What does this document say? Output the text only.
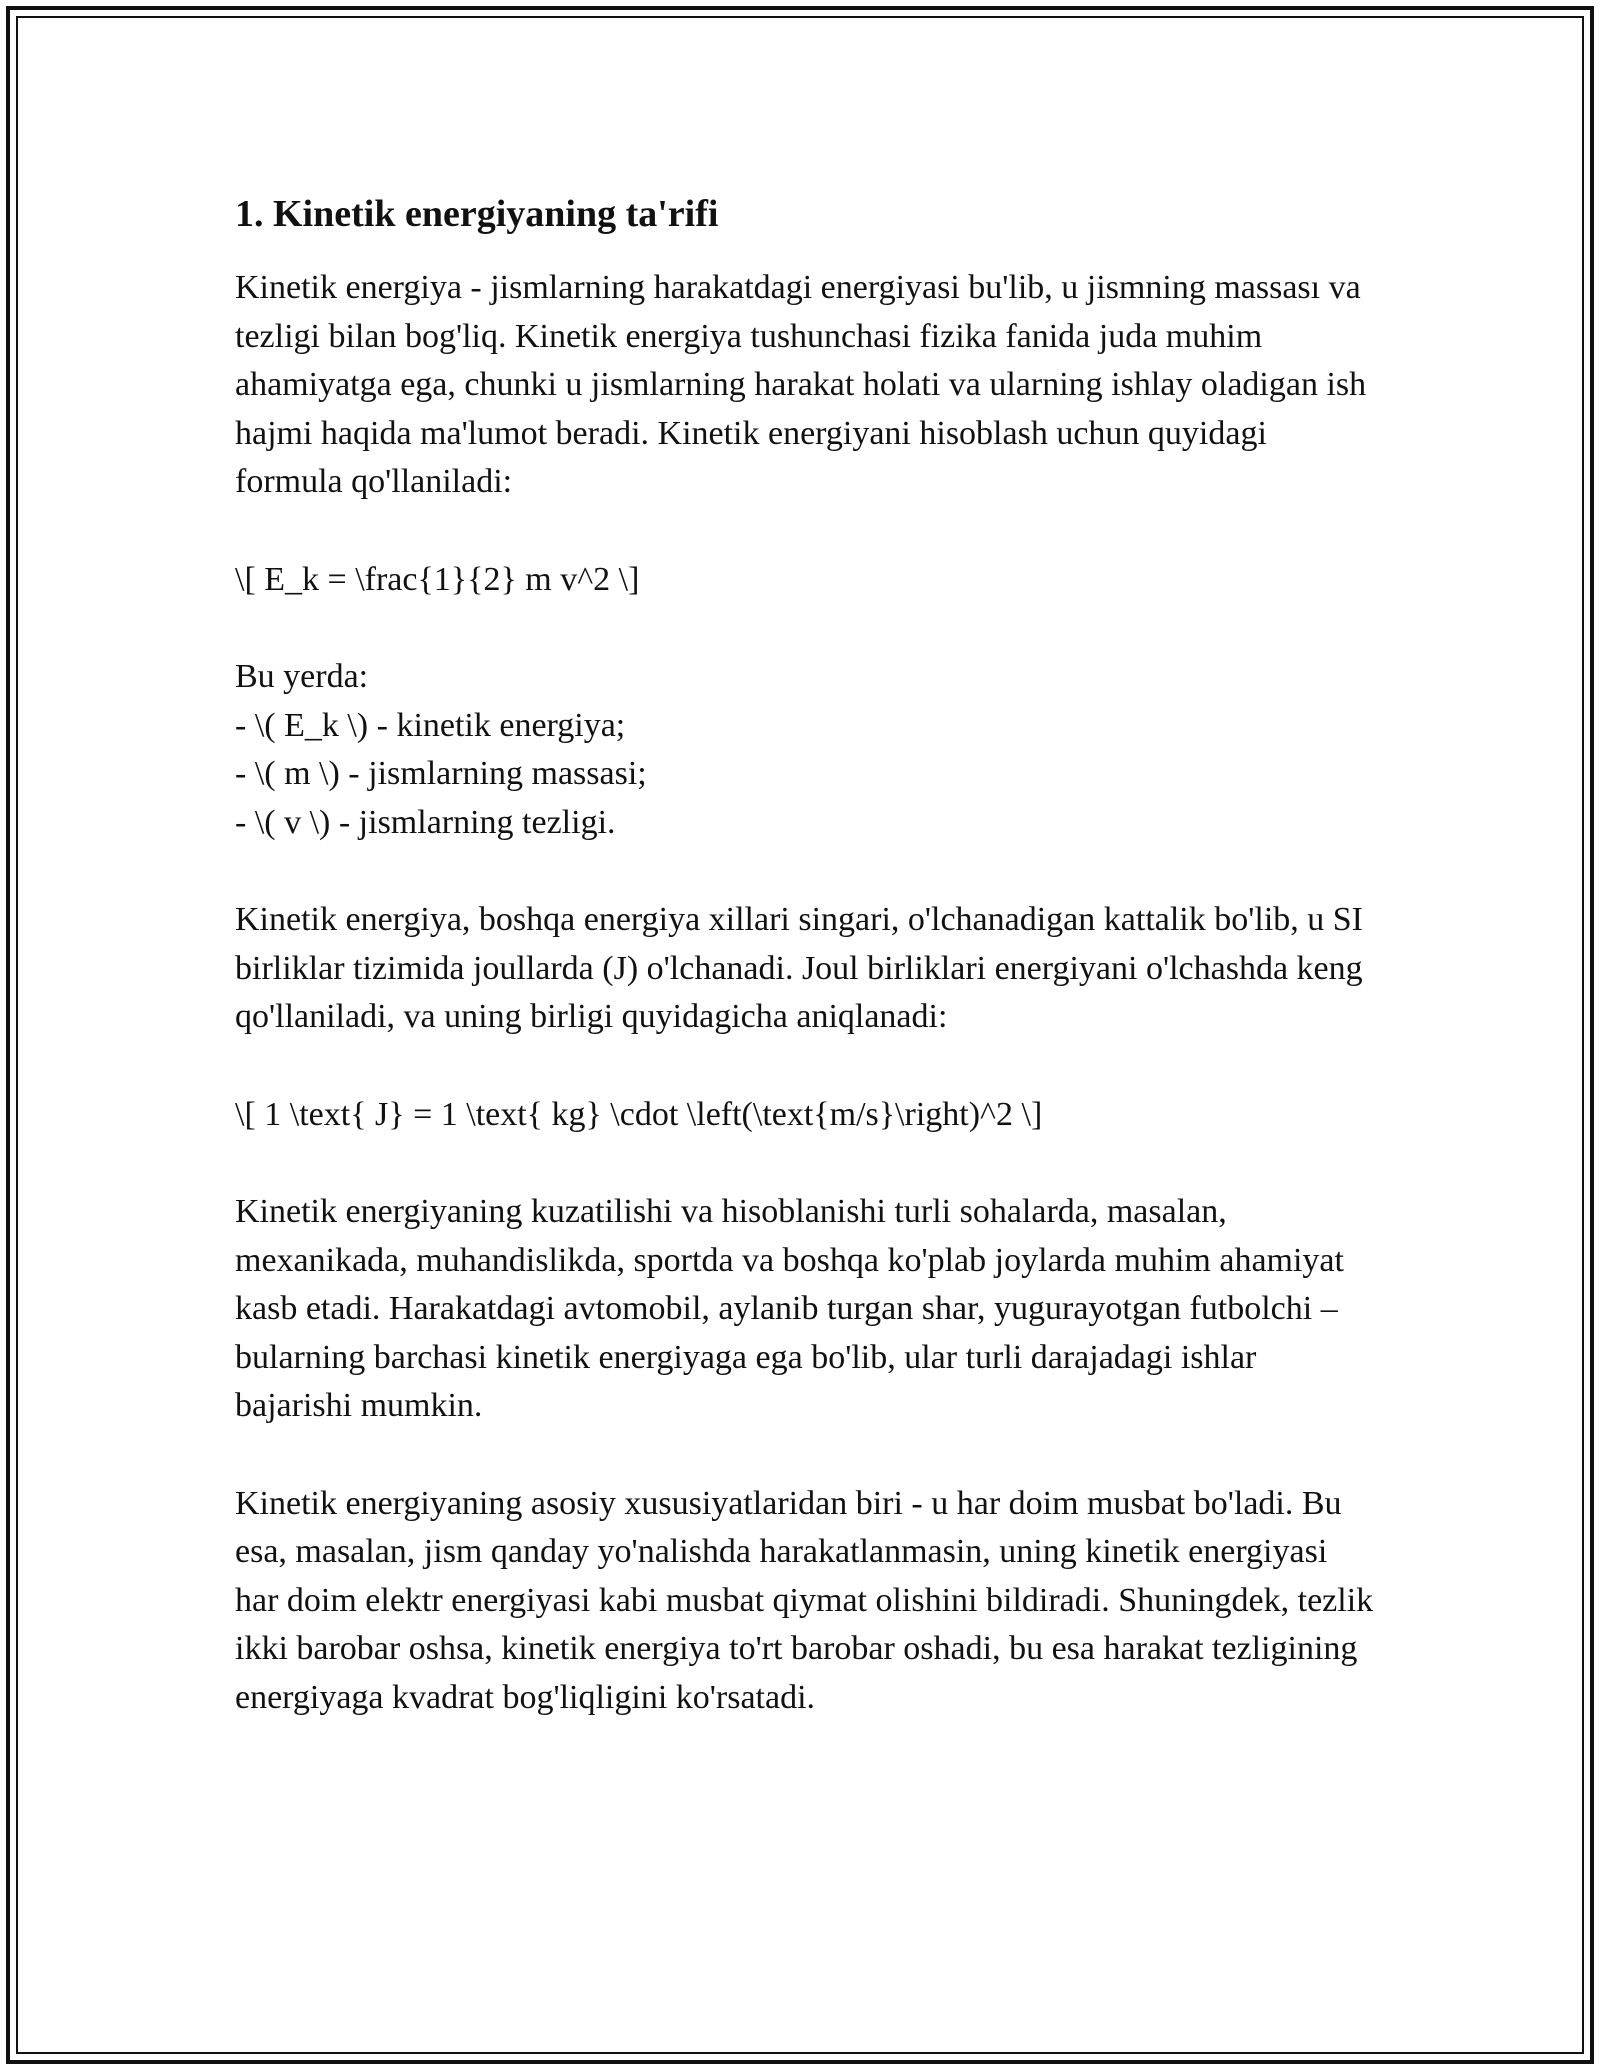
1. Kinetik energiyaning ta'rifi

Kinetik energiya - jismlarning harakatdagi energiyasi bu'lib, u jismning massası va tezligi bilan bog'liq. Kinetik energiya tushunchasi fizika fanida juda muhim ahamiyatga ega, chunki u jismlarning harakat holati va ularning ishlay oladigan ish hajmi haqida ma'lumot beradi. Kinetik energiyani hisoblash uchun quyidagi formula qo'llaniladi:

\[ E_k = \frac{1}{2} m v^2 \]

Bu yerda:
- \( E_k \) - kinetik energiya;
- \( m \) - jismlarning massasi;
- \( v \) - jismlarning tezligi.

Kinetik energiya, boshqa energiya xillari singari, o'lchanadigan kattalik bo'lib, u SI birliklar tizimida joullarda (J) o'lchanadi. Joul birliklari energiyani o'lchashda keng qo'llaniladi, va uning birligi quyidagicha aniqlanadi:

\[ 1 \text{ J} = 1 \text{ kg} \cdot \left(\text{m/s}\right)^2 \]

Kinetik energiyaning kuzatilishi va hisoblanishi turli sohalarda, masalan, mexanikada, muhandislikda, sportda va boshqa ko'plab joylarda muhim ahamiyat kasb etadi. Harakatdagi avtomobil, aylanib turgan shar, yugurayotgan futbolchi – bularning barchasi kinetik energiyaga ega bo'lib, ular turli darajadagi ishlar bajarishi mumkin.

Kinetik energiyaning asosiy xususiyatlaridan biri - u har doim musbat bo'ladi. Bu esa, masalan, jism qanday yo'nalishda harakatlanmasin, uning kinetik energiyasi har doim elektr energiyasi kabi musbat qiymat olishini bildiradi. Shuningdek, tezlik ikki barobar oshsa, kinetik energiya to'rt barobar oshadi, bu esa harakat tezligining energiyaga kvadrat bog'liqligini ko'rsatadi.
